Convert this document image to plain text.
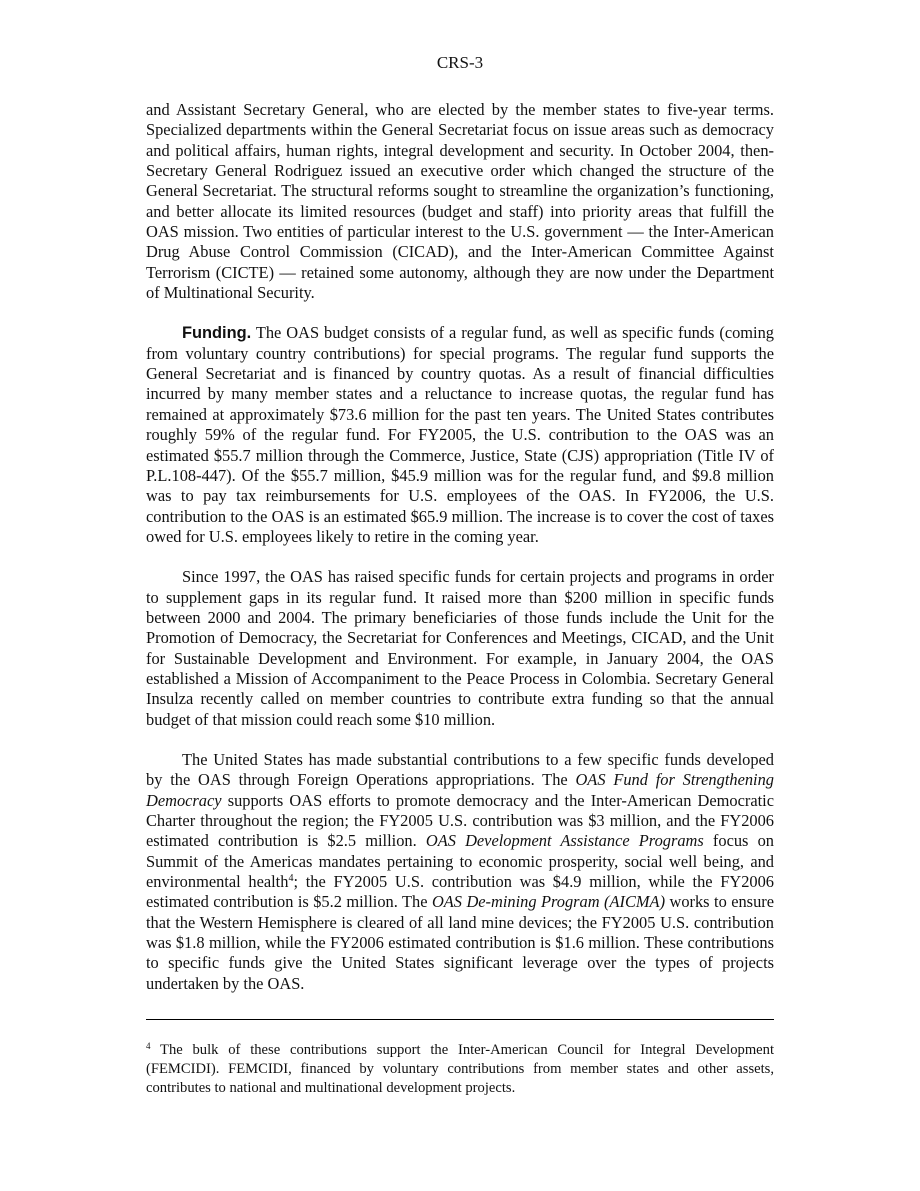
CRS-3

and Assistant Secretary General, who are elected by the member states to five-year terms. Specialized departments within the General Secretariat focus on issue areas such as democracy and political affairs, human rights, integral development and security. In October 2004, then-Secretary General Rodriguez issued an executive order which changed the structure of the General Secretariat. The structural reforms sought to streamline the organization’s functioning, and better allocate its limited resources (budget and staff) into priority areas that fulfill the OAS mission. Two entities of particular interest to the U.S. government — the Inter-American Drug Abuse Control Commission (CICAD), and the Inter-American Committee Against Terrorism (CICTE) — retained some autonomy, although they are now under the Department of Multinational Security.

Funding. The OAS budget consists of a regular fund, as well as specific funds (coming from voluntary country contributions) for special programs. The regular fund supports the General Secretariat and is financed by country quotas. As a result of financial difficulties incurred by many member states and a reluctance to increase quotas, the regular fund has remained at approximately $73.6 million for the past ten years. The United States contributes roughly 59% of the regular fund. For FY2005, the U.S. contribution to the OAS was an estimated $55.7 million through the Commerce, Justice, State (CJS) appropriation (Title IV of P.L.108-447). Of the $55.7 million, $45.9 million was for the regular fund, and $9.8 million was to pay tax reimbursements for U.S. employees of the OAS. In FY2006, the U.S. contribution to the OAS is an estimated $65.9 million. The increase is to cover the cost of taxes owed for U.S. employees likely to retire in the coming year.

Since 1997, the OAS has raised specific funds for certain projects and programs in order to supplement gaps in its regular fund. It raised more than $200 million in specific funds between 2000 and 2004. The primary beneficiaries of those funds include the Unit for the Promotion of Democracy, the Secretariat for Conferences and Meetings, CICAD, and the Unit for Sustainable Development and Environment. For example, in January 2004, the OAS established a Mission of Accompaniment to the Peace Process in Colombia. Secretary General Insulza recently called on member countries to contribute extra funding so that the annual budget of that mission could reach some $10 million.

The United States has made substantial contributions to a few specific funds developed by the OAS through Foreign Operations appropriations. The OAS Fund for Strengthening Democracy supports OAS efforts to promote democracy and the Inter-American Democratic Charter throughout the region; the FY2005 U.S. contribution was $3 million, and the FY2006 estimated contribution is $2.5 million. OAS Development Assistance Programs focus on Summit of the Americas mandates pertaining to economic prosperity, social well being, and environmental health$^4$; the FY2005 U.S. contribution was $4.9 million, while the FY2006 estimated contribution is $5.2 million. The OAS De-mining Program (AICMA) works to ensure that the Western Hemisphere is cleared of all land mine devices; the FY2005 U.S. contribution was $1.8 million, while the FY2006 estimated contribution is $1.6 million. These contributions to specific funds give the United States significant leverage over the types of projects undertaken by the OAS.

$^4$ The bulk of these contributions support the Inter-American Council for Integral Development (FEMCIDI). FEMCIDI, financed by voluntary contributions from member states and other assets, contributes to national and multinational development projects.
